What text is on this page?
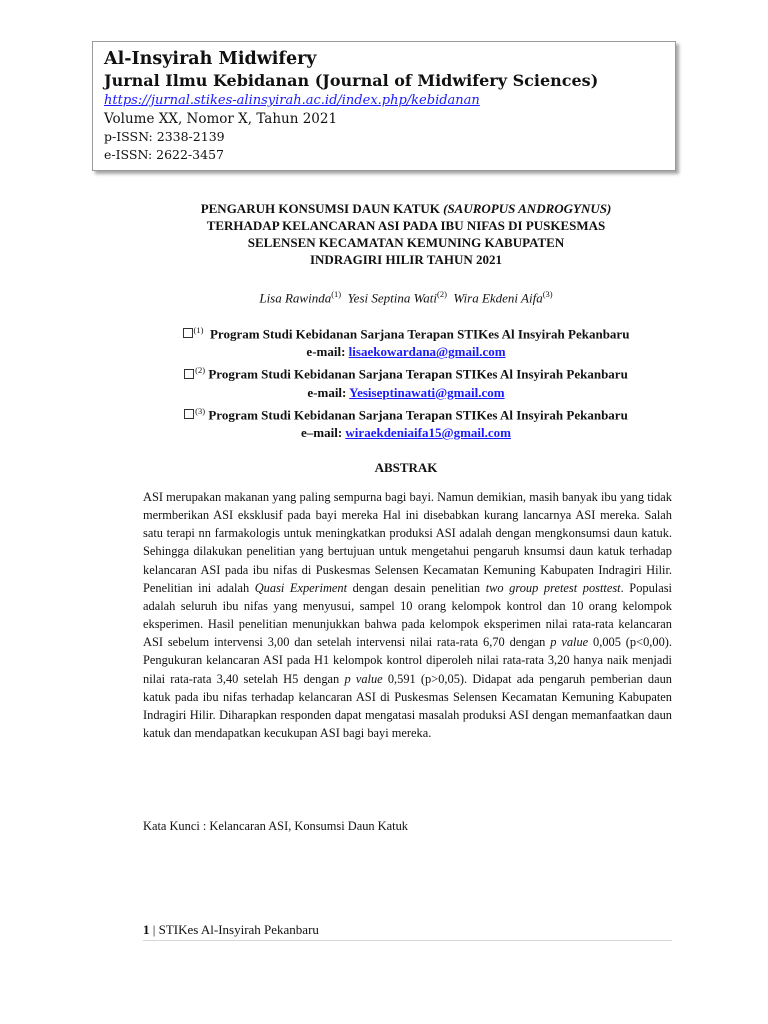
Al-Insyirah Midwifery
Jurnal Ilmu Kebidanan (Journal of Midwifery Sciences)
https://jurnal.stikes-alinsyirah.ac.id/index.php/kebidanan
Volume XX, Nomor X, Tahun 2021
p-ISSN: 2338-2139
e-ISSN: 2622-3457
PENGARUH KONSUMSI DAUN KATUK (SAUROPUS ANDROGYNUS)
TERHADAP KELANCARAN ASI PADA IBU NIFAS DI PUSKESMAS
SELENSEN KECAMATAN KEMUNING KABUPATEN
INDRAGIRI HILIR TAHUN 2021
Lisa Rawinda$^{(1)}$ Yesi Septina Wati$^{(2)}$ Wira Ekdeni Aifa$^{(3)}$
$^{(1)}$ Program Studi Kebidanan Sarjana Terapan STIKes Al Insyirah Pekanbaru
e-mail: lisaekowardana@gmail.com
$^{(2)}$ Program Studi Kebidanan Sarjana Terapan STIKes Al Insyirah Pekanbaru
e-mail: Yesiseptinawati@gmail.com
$^{(3)}$ Program Studi Kebidanan Sarjana Terapan STIKes Al Insyirah Pekanbaru
e–mail: wiraekdeniaifa15@gmail.com
ABSTRAK
ASI merupakan makanan yang paling sempurna bagi bayi. Namun demikian, masih banyak ibu yang tidak mermberikan ASI eksklusif pada bayi mereka Hal ini disebabkan kurang lancarnya ASI mereka. Salah satu terapi nn farmakologis untuk meningkatkan produksi ASI adalah dengan mengkonsumsi daun katuk. Sehingga dilakukan penelitian yang bertujuan untuk mengetahui pengaruh knsumsi daun katuk terhadap kelancaran ASI pada ibu nifas di Puskesmas Selensen Kecamatan Kemuning Kabupaten Indragiri Hilir. Penelitian ini adalah Quasi Experiment dengan desain penelitian two group pretest posttest. Populasi adalah seluruh ibu nifas yang menyusui, sampel 10 orang kelompok kontrol dan 10 orang kelompok eksperimen. Hasil penelitian menunjukkan bahwa pada kelompok eksperimen nilai rata-rata kelancaran ASI sebelum intervensi 3,00 dan setelah intervensi nilai rata-rata 6,70 dengan p value 0,005 (p<0,00). Pengukuran kelancaran ASI pada H1 kelompok kontrol diperoleh nilai rata-rata 3,20 hanya naik menjadi nilai rata-rata 3,40 setelah H5 dengan p value 0,591 (p>0,05). Didapat ada pengaruh pemberian daun katuk pada ibu nifas terhadap kelancaran ASI di Puskesmas Selensen Kecamatan Kemuning Kabupaten Indragiri Hilir. Diharapkan responden dapat mengatasi masalah produksi ASI dengan memanfaatkan daun katuk dan mendapatkan kecukupan ASI bagi bayi mereka.
Kata Kunci : Kelancaran ASI, Konsumsi Daun Katuk
1 | STIKes Al-Insyirah Pekanbaru
